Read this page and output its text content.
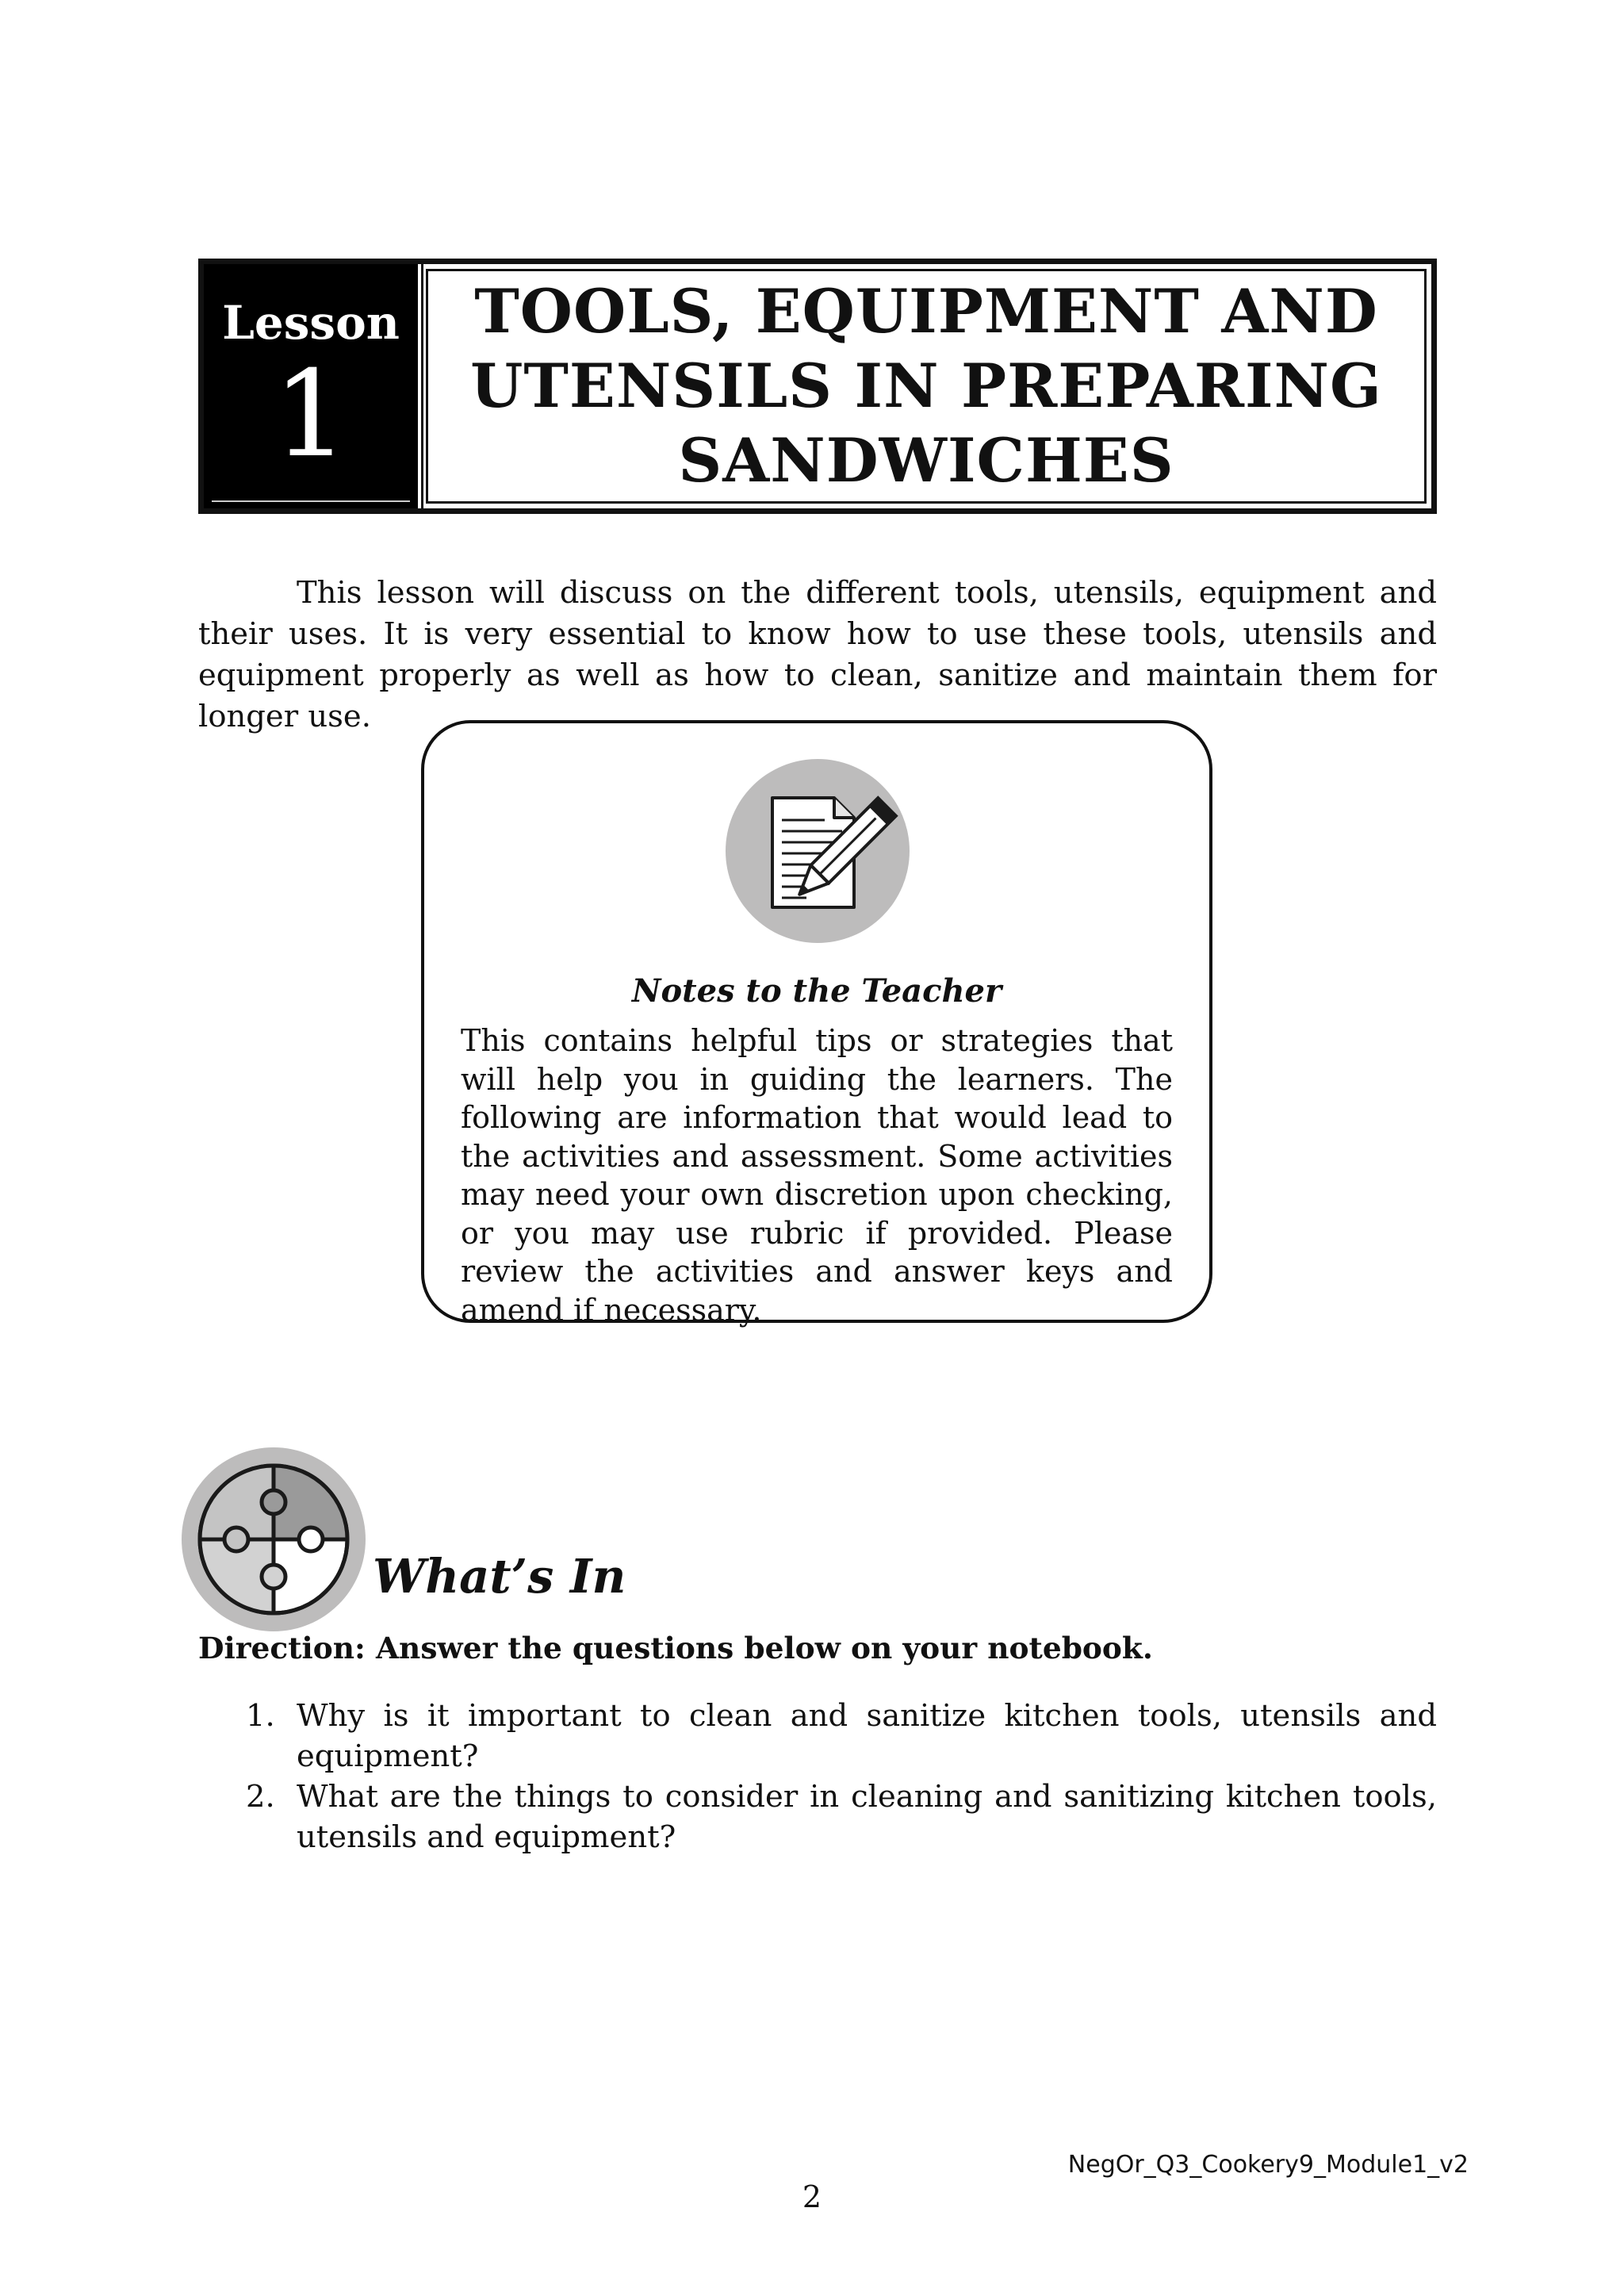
Lesson
1
TOOLS, EQUIPMENT AND
UTENSILS IN PREPARING
SANDWICHES

This lesson will discuss on the different tools, utensils, equipment and their uses. It is very essential to know how to use these tools, utensils and equipment properly as well as how to clean, sanitize and maintain them for longer use.

Notes to the Teacher

This contains helpful tips or strategies that will help you in guiding the learners. The following are information that would lead to the activities and assessment. Some activities may need your own discretion upon checking, or you may use rubric if provided. Please review the activities and answer keys and amend if necessary.

What’s In

Direction: Answer the questions below on your notebook.

1. Why is it important to clean and sanitize kitchen tools, utensils and equipment?
2. What are the things to consider in cleaning and sanitizing kitchen tools, utensils and equipment?

2

NegOr_Q3_Cookery9_Module1_v2
